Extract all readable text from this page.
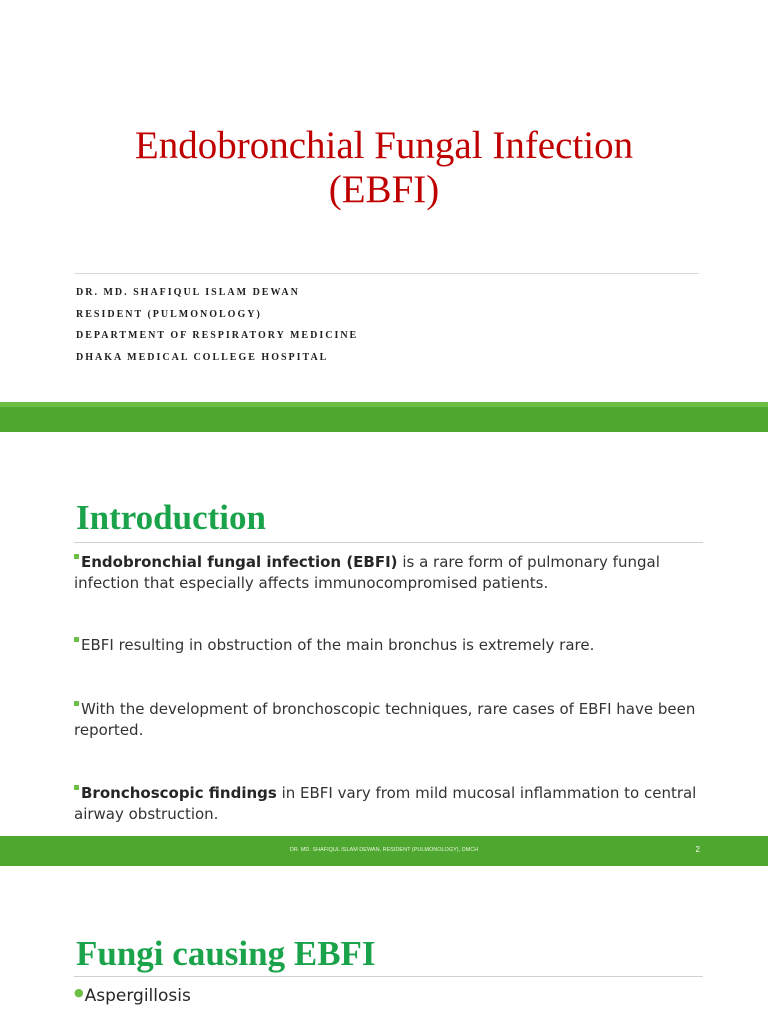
Endobronchial Fungal Infection
(EBFI)
DR. MD. SHAFIQUL ISLAM DEWAN
RESIDENT (PULMONOLOGY)
DEPARTMENT OF RESPIRATORY MEDICINE
DHAKA MEDICAL COLLEGE HOSPITAL
Introduction
Endobronchial fungal infection (EBFI) is a rare form of pulmonary fungal infection that especially affects immunocompromised patients.
EBFI resulting in obstruction of the main bronchus is extremely rare.
With the development of bronchoscopic techniques, rare cases of EBFI have been reported.
Bronchoscopic findings in EBFI vary from mild mucosal inflammation to central airway obstruction.
DR. MD. SHAFIQUL ISLAM DEWAN, RESIDENT (PULMONOLOGY), DMCH	2
Fungi causing EBFI
●Aspergillosis
